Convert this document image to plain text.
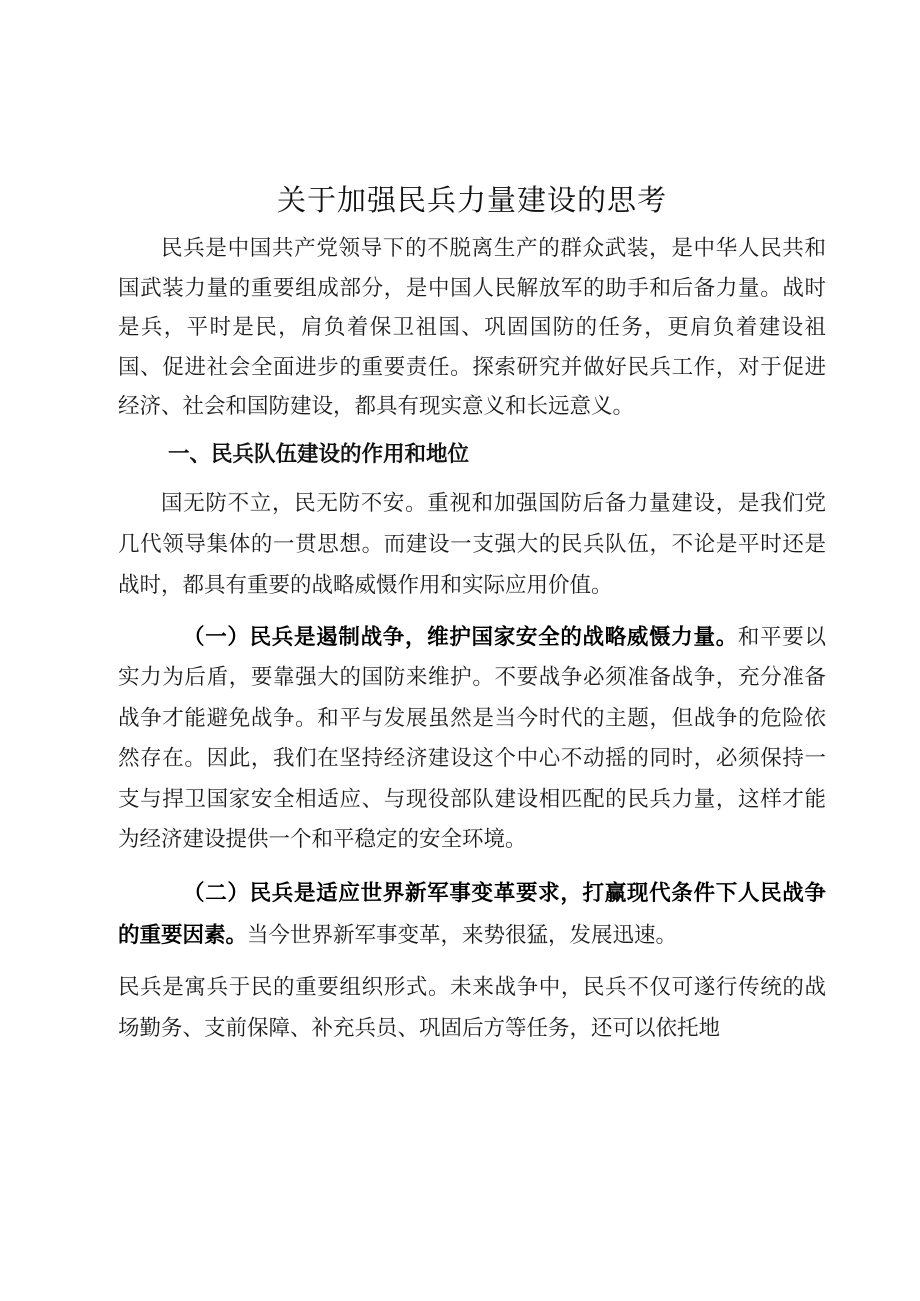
关于加强民兵力量建设的思考

民兵是中国共产党领导下的不脱离生产的群众武装，是中华人民共和国武装力量的重要组成部分，是中国人民解放军的助手和后备力量。战时是兵，平时是民，肩负着保卫祖国、巩固国防的任务，更肩负着建设祖国、促进社会全面进步的重要责任。探索研究并做好民兵工作，对于促进经济、社会和国防建设，都具有现实意义和长远意义。

一、民兵队伍建设的作用和地位

国无防不立，民无防不安。重视和加强国防后备力量建设，是我们党几代领导集体的一贯思想。而建设一支强大的民兵队伍，不论是平时还是战时，都具有重要的战略威慑作用和实际应用价值。

（一）民兵是遏制战争，维护国家安全的战略威慑力量。和平要以实力为后盾，要靠强大的国防来维护。不要战争必须准备战争，充分准备战争才能避免战争。和平与发展虽然是当今时代的主题，但战争的危险依然存在。因此，我们在坚持经济建设这个中心不动摇的同时，必须保持一支与捍卫国家安全相适应、与现役部队建设相匹配的民兵力量，这样才能为经济建设提供一个和平稳定的安全环境。

（二）民兵是适应世界新军事变革要求，打赢现代条件下人民战争的重要因素。当今世界新军事变革，来势很猛，发展迅速。

民兵是寓兵于民的重要组织形式。未来战争中，民兵不仅可遂行传统的战场勤务、支前保障、补充兵员、巩固后方等任务，还可以依托地
